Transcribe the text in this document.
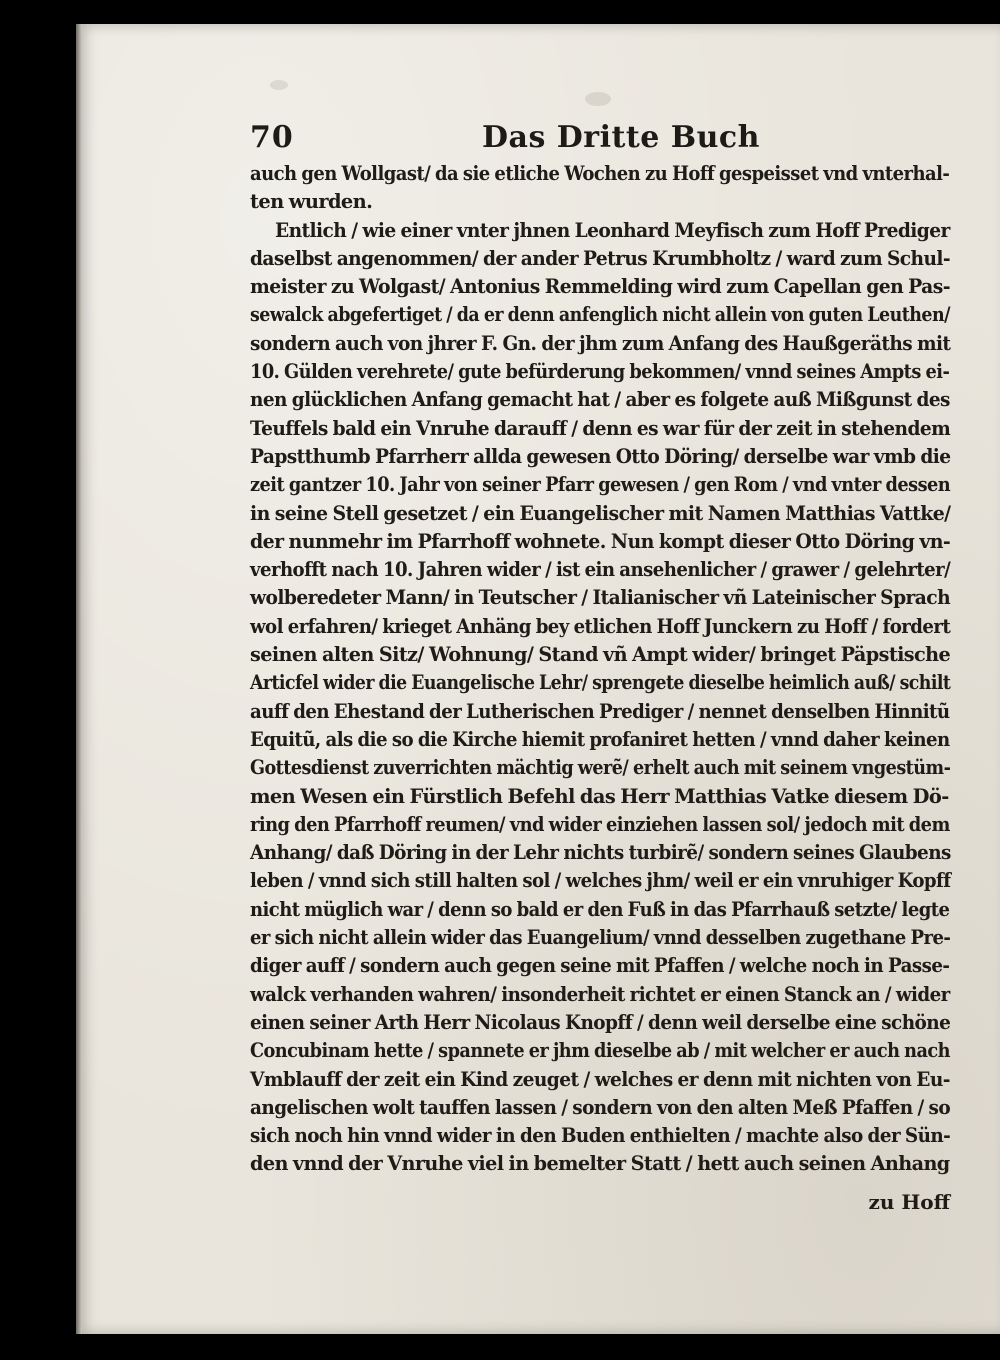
70	Das Dritte Buch
auch gen Wollgast/ da sie etliche Wochen zu Hoff gespeisset vnd vnterhal-
ten wurden.
Entlich / wie einer vnter jhnen Leonhard Meyfisch zum Hoff Prediger
daselbst angenommen/ der ander Petrus Krumbholtz / ward zum Schul-
meister zu Wolgast/ Antonius Remmelding wird zum Capellan gen Pas-
sewalck abgefertiget / da er denn anfenglich nicht allein von guten Leuthen/
sondern auch von jhrer F. Gn. der jhm zum Anfang des Haußgeräths mit
10. Gülden verehrete/ gute befürderung bekommen/ vnnd seines Ampts ei-
nen glücklichen Anfang gemacht hat / aber es folgete auß Mißgunst des
Teuffels bald ein Vnruhe darauff / denn es war für der zeit in stehendem
Papstthumb Pfarrherr allda gewesen Otto Döring/ derselbe war vmb die
zeit gantzer 10. Jahr von seiner Pfarr gewesen / gen Rom / vnd vnter dessen
in seine Stell gesetzet / ein Euangelischer mit Namen Matthias Vattke/
der nunmehr im Pfarrhoff wohnete. Nun kompt dieser Otto Döring vn-
verhofft nach 10. Jahren wider / ist ein ansehenlicher / grawer / gelehrter/
wolberedeter Mann/ in Teutscher / Italianischer vñ Lateinischer Sprach
wol erfahren/ krieget Anhäng bey etlichen Hoff Junckern zu Hoff / fordert
seinen alten Sitz/ Wohnung/ Stand vñ Ampt wider/ bringet Päpstische
Articfel wider die Euangelische Lehr/ sprengete dieselbe heimlich auß/ schilt
auff den Ehestand der Lutherischen Prediger / nennet denselben Hinnitũ
Equitũ, als die so die Kirche hiemit profaniret hetten / vnnd daher keinen
Gottesdienst zuverrichten mächtig werẽ/ erhelt auch mit seinem vngestüm-
men Wesen ein Fürstlich Befehl das Herr Matthias Vatke diesem Dö-
ring den Pfarrhoff reumen/ vnd wider einziehen lassen sol/ jedoch mit dem
Anhang/ daß Döring in der Lehr nichts turbirẽ/ sondern seines Glaubens
leben / vnnd sich still halten sol / welches jhm/ weil er ein vnruhiger Kopff
nicht müglich war / denn so bald er den Fuß in das Pfarrhauß setzte/ legte
er sich nicht allein wider das Euangelium/ vnnd desselben zugethane Pre-
diger auff / sondern auch gegen seine mit Pfaffen / welche noch in Passe-
walck verhanden wahren/ insonderheit richtet er einen Stanck an / wider
einen seiner Arth Herr Nicolaus Knopff / denn weil derselbe eine schöne
Concubinam hette / spannete er jhm dieselbe ab / mit welcher er auch nach
Vmblauff der zeit ein Kind zeuget / welches er denn mit nichten von Eu-
angelischen wolt tauffen lassen / sondern von den alten Meß Pfaffen / so
sich noch hin vnnd wider in den Buden enthielten / machte also der Sün-
den vnnd der Vnruhe viel in bemelter Statt / hett auch seinen Anhang
zu Hoff
